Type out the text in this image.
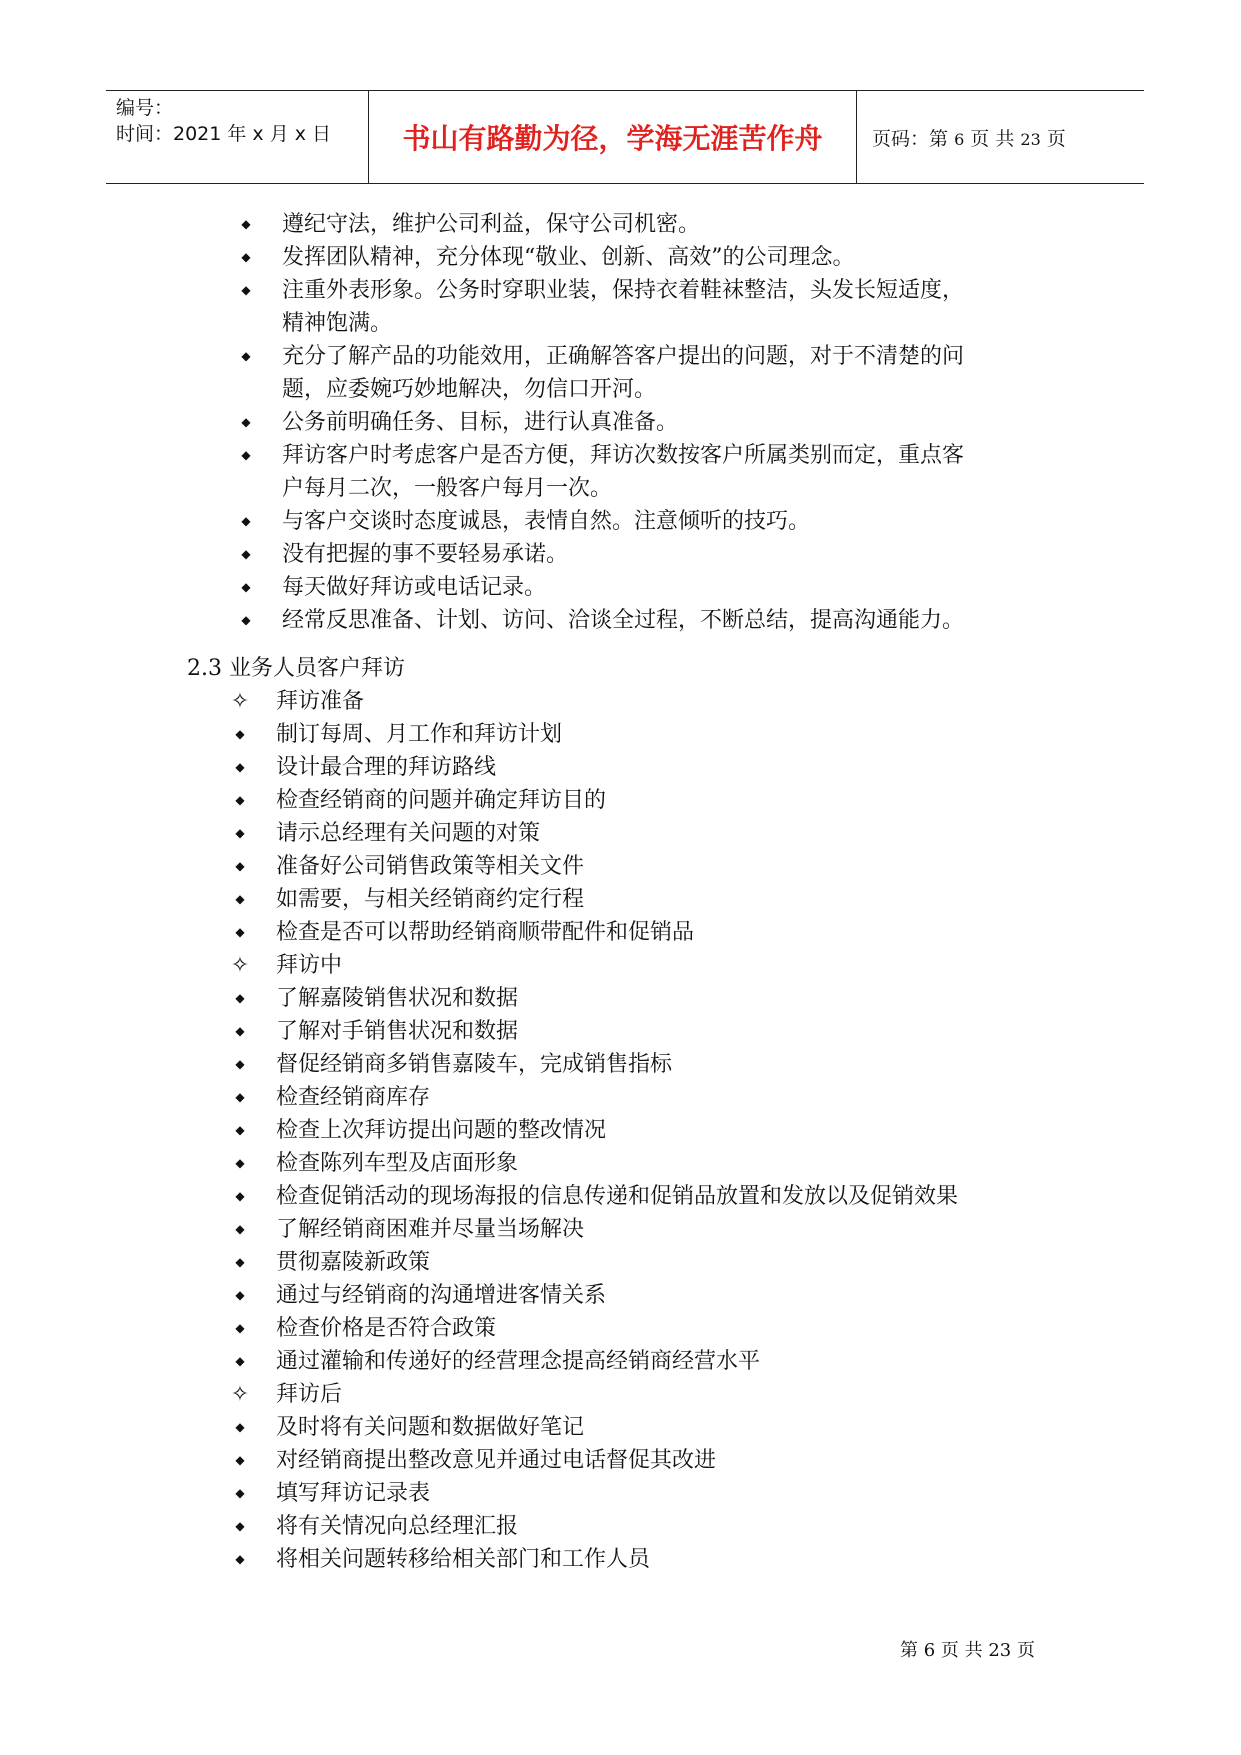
编号：
时间：2021 年 x 月 x 日	书山有路勤为径，学海无涯苦作舟	页码：第 6 页 共 23 页
◆	遵纪守法，维护公司利益，保守公司机密。
◆	发挥团队精神，充分体现“敬业、创新、高效”的公司理念。
◆	注重外表形象。公务时穿职业装，保持衣着鞋袜整洁，头发长短适度，
精神饱满。
◆	充分了解产品的功能效用，正确解答客户提出的问题，对于不清楚的问
题，应委婉巧妙地解决，勿信口开河。
◆	公务前明确任务、目标，进行认真准备。
◆	拜访客户时考虑客户是否方便，拜访次数按客户所属类别而定，重点客
户每月二次，一般客户每月一次。
◆	与客户交谈时态度诚恳，表情自然。注意倾听的技巧。
◆	没有把握的事不要轻易承诺。
◆	每天做好拜访或电话记录。
◆	经常反思准备、计划、访问、洽谈全过程，不断总结，提高沟通能力。
2.3 业务人员客户拜访
✧ 拜访准备
◆	制订每周、月工作和拜访计划
◆	设计最合理的拜访路线
◆	检查经销商的问题并确定拜访目的
◆	请示总经理有关问题的对策
◆	准备好公司销售政策等相关文件
◆	如需要，与相关经销商约定行程
◆	检查是否可以帮助经销商顺带配件和促销品
✧ 拜访中
◆	了解嘉陵销售状况和数据
◆	了解对手销售状况和数据
◆	督促经销商多销售嘉陵车，完成销售指标
◆	检查经销商库存
◆	检查上次拜访提出问题的整改情况
◆	检查陈列车型及店面形象
◆	检查促销活动的现场海报的信息传递和促销品放置和发放以及促销效果
◆	了解经销商困难并尽量当场解决
◆	贯彻嘉陵新政策
◆	通过与经销商的沟通增进客情关系
◆	检查价格是否符合政策
◆	通过灌输和传递好的经营理念提高经销商经营水平
✧ 拜访后
◆	及时将有关问题和数据做好笔记
◆	对经销商提出整改意见并通过电话督促其改进
◆	填写拜访记录表
◆	将有关情况向总经理汇报
◆	将相关问题转移给相关部门和工作人员
第 6 页 共 23 页
